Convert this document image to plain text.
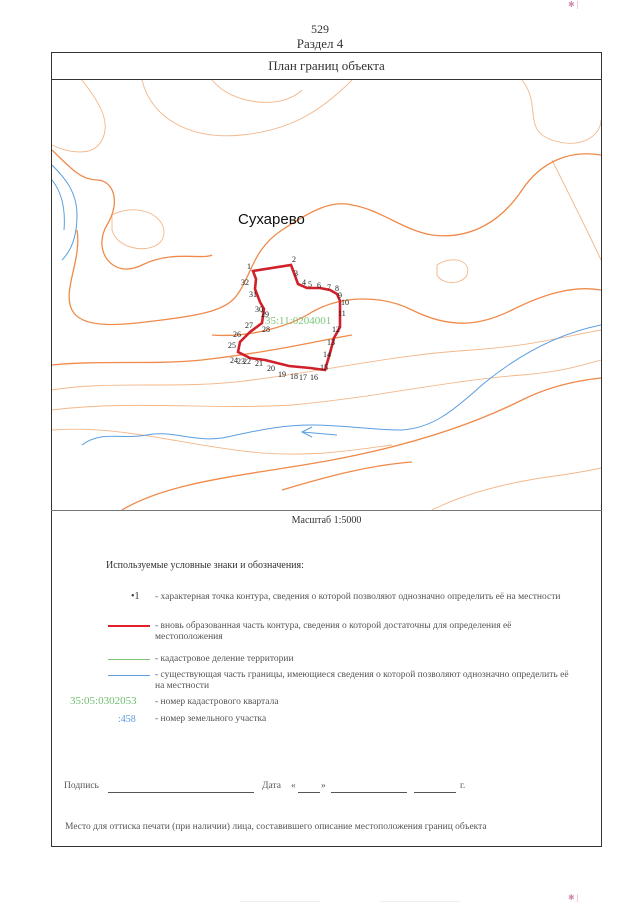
✱ |
529
Раздел 4
План границ объекта
Сухарево
35:11:0204001
1
2
3
4 5 6 7 8
9
10
11
12
13
14
15
16
17
18
19
20
21
22
23
24
25
26
27 28
29
30
31
32
Масштаб 1:5000
Используемые условные знаки и обозначения:
•1 - характерная точка контура, сведения о которой позволяют однозначно определить её на местности
- вновь образованная часть контура, сведения о которой достаточны для определения её местоположения
- кадастровое деление территории
- существующая часть границы, имеющиеся сведения о которой позволяют однозначно определить её на местности
35:05:0302053 - номер кадастрового квартала
:458 - номер земельного участка
Подпись	Дата «	»	г.
Место для оттиска печати (при наличии) лица, составившего описание местоположения границ объекта
✱ |
